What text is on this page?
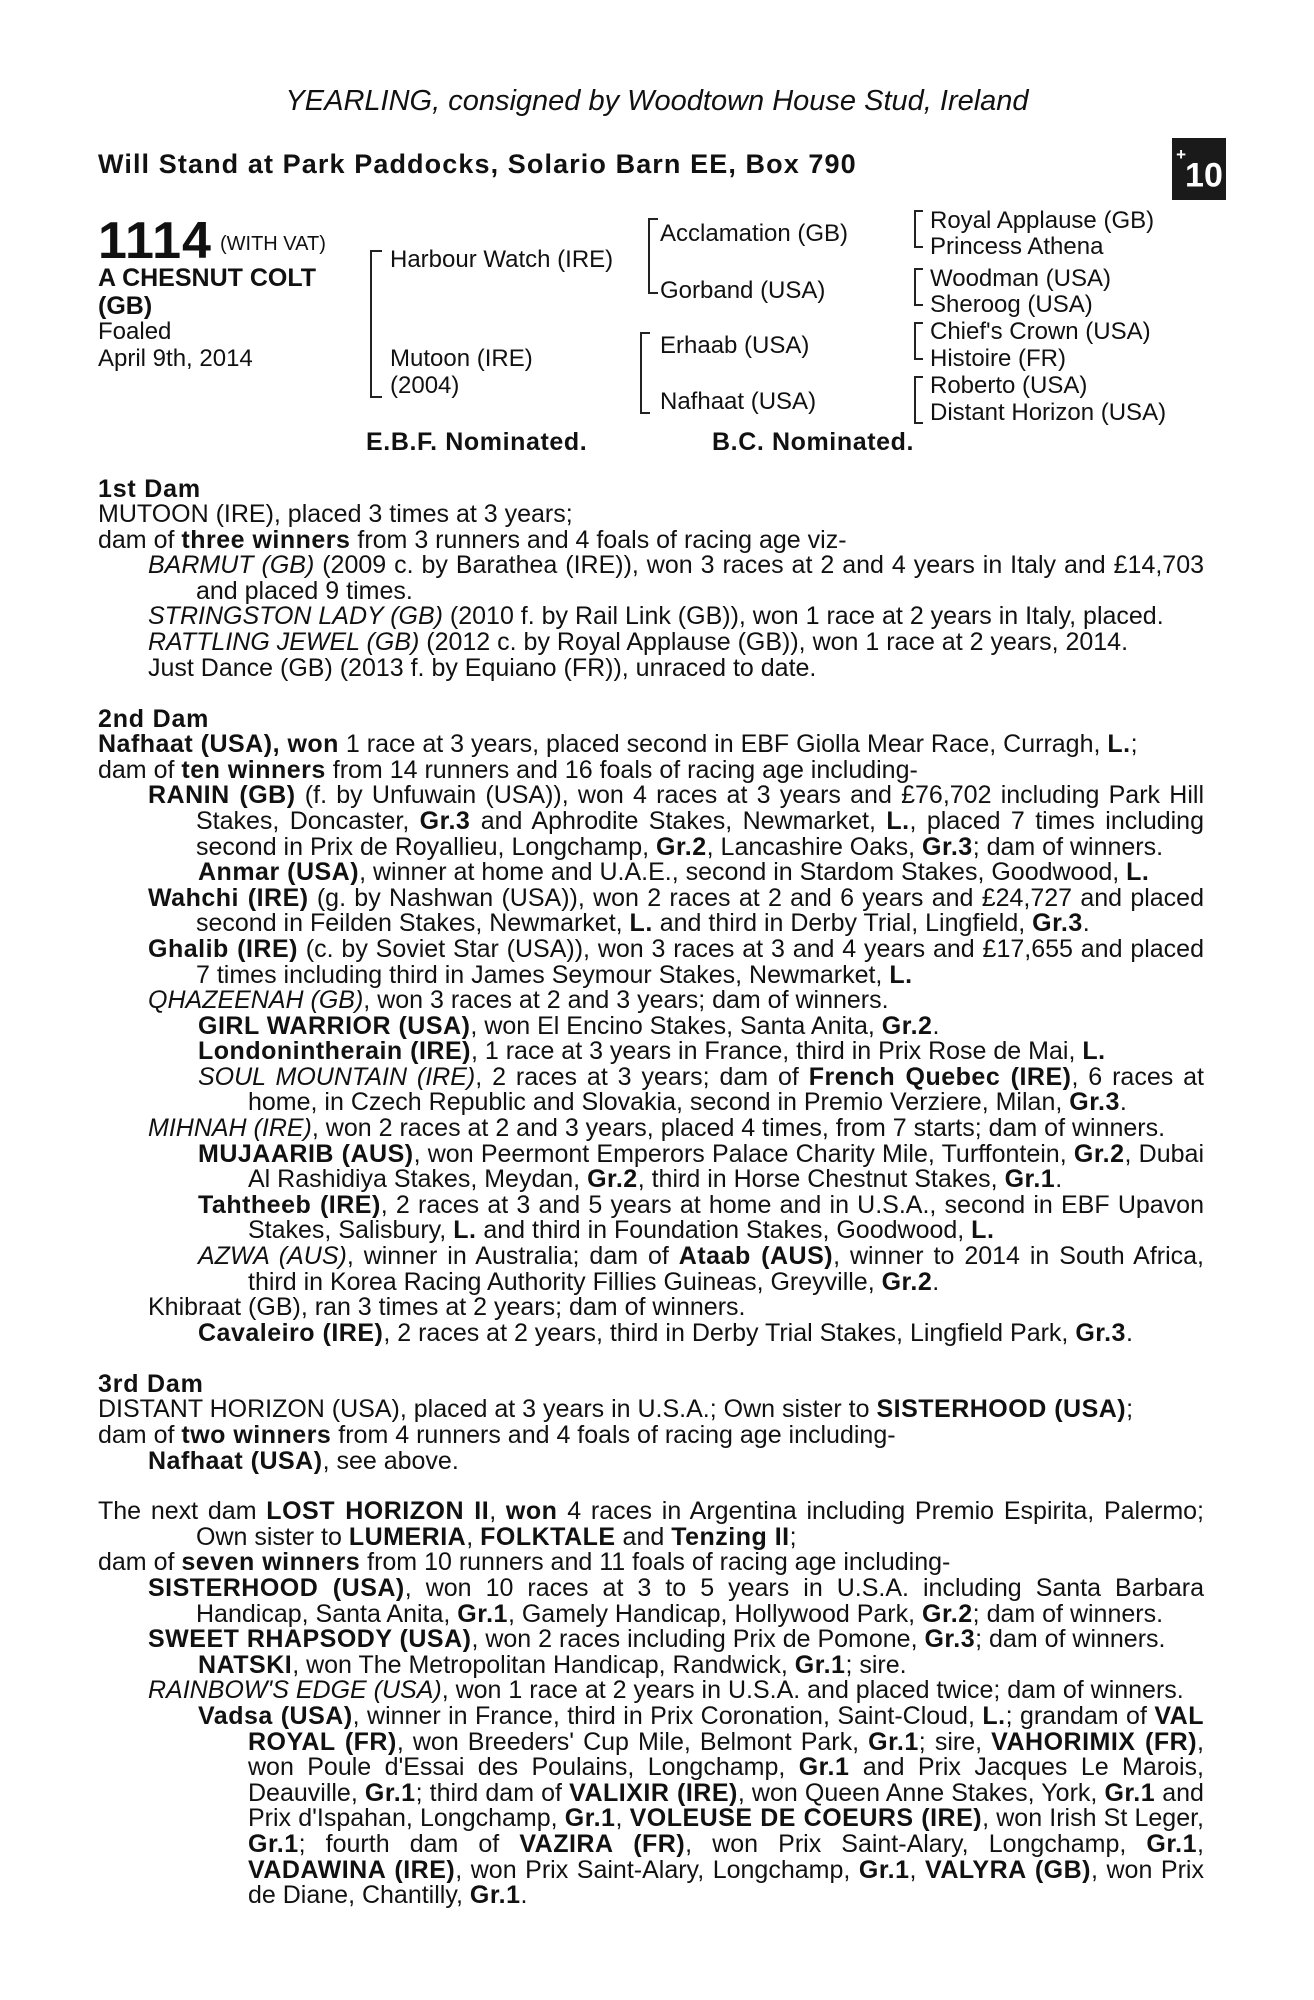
YEARLING, consigned by Woodtown House Stud, Ireland
Will Stand at Park Paddocks, Solario Barn EE, Box 790	+10
1114 (WITH VAT)
A CHESNUT COLT
(GB)
Foaled
April 9th, 2014
Harbour Watch (IRE)
Mutoon (IRE)
(2004)
Acclamation (GB)
Gorband (USA)
Erhaab (USA)
Nafhaat (USA)
Royal Applause (GB)
Princess Athena
Woodman (USA)
Sheroog (USA)
Chief's Crown (USA)
Histoire (FR)
Roberto (USA)
Distant Horizon (USA)
E.B.F. Nominated.	B.C. Nominated.
1st Dam
MUTOON (IRE), placed 3 times at 3 years;
dam of three winners from 3 runners and 4 foals of racing age viz-
BARMUT (GB) (2009 c. by Barathea (IRE)), won 3 races at 2 and 4 years in Italy and £14,703 and placed 9 times.
STRINGSTON LADY (GB) (2010 f. by Rail Link (GB)), won 1 race at 2 years in Italy, placed.
RATTLING JEWEL (GB) (2012 c. by Royal Applause (GB)), won 1 race at 2 years, 2014.
Just Dance (GB) (2013 f. by Equiano (FR)), unraced to date.
2nd Dam
Nafhaat (USA), won 1 race at 3 years, placed second in EBF Giolla Mear Race, Curragh, L.;
dam of ten winners from 14 runners and 16 foals of racing age including-
RANIN (GB) (f. by Unfuwain (USA)), won 4 races at 3 years and £76,702 including Park Hill Stakes, Doncaster, Gr.3 and Aphrodite Stakes, Newmarket, L., placed 7 times including second in Prix de Royallieu, Longchamp, Gr.2, Lancashire Oaks, Gr.3; dam of winners.
Anmar (USA), winner at home and U.A.E., second in Stardom Stakes, Goodwood, L.
Wahchi (IRE) (g. by Nashwan (USA)), won 2 races at 2 and 6 years and £24,727 and placed second in Feilden Stakes, Newmarket, L. and third in Derby Trial, Lingfield, Gr.3.
Ghalib (IRE) (c. by Soviet Star (USA)), won 3 races at 3 and 4 years and £17,655 and placed 7 times including third in James Seymour Stakes, Newmarket, L.
QHAZEENAH (GB), won 3 races at 2 and 3 years; dam of winners.
GIRL WARRIOR (USA), won El Encino Stakes, Santa Anita, Gr.2.
Londonintherain (IRE), 1 race at 3 years in France, third in Prix Rose de Mai, L.
SOUL MOUNTAIN (IRE), 2 races at 3 years; dam of French Quebec (IRE), 6 races at home, in Czech Republic and Slovakia, second in Premio Verziere, Milan, Gr.3.
MIHNAH (IRE), won 2 races at 2 and 3 years, placed 4 times, from 7 starts; dam of winners.
MUJAARIB (AUS), won Peermont Emperors Palace Charity Mile, Turffontein, Gr.2, Dubai Al Rashidiya Stakes, Meydan, Gr.2, third in Horse Chestnut Stakes, Gr.1.
Tahtheeb (IRE), 2 races at 3 and 5 years at home and in U.S.A., second in EBF Upavon Stakes, Salisbury, L. and third in Foundation Stakes, Goodwood, L.
AZWA (AUS), winner in Australia; dam of Ataab (AUS), winner to 2014 in South Africa, third in Korea Racing Authority Fillies Guineas, Greyville, Gr.2.
Khibraat (GB), ran 3 times at 2 years; dam of winners.
Cavaleiro (IRE), 2 races at 2 years, third in Derby Trial Stakes, Lingfield Park, Gr.3.
3rd Dam
DISTANT HORIZON (USA), placed at 3 years in U.S.A.; Own sister to SISTERHOOD (USA);
dam of two winners from 4 runners and 4 foals of racing age including-
Nafhaat (USA), see above.
The next dam LOST HORIZON II, won 4 races in Argentina including Premio Espirita, Palermo; Own sister to LUMERIA, FOLKTALE and Tenzing II;
dam of seven winners from 10 runners and 11 foals of racing age including-
SISTERHOOD (USA), won 10 races at 3 to 5 years in U.S.A. including Santa Barbara Handicap, Santa Anita, Gr.1, Gamely Handicap, Hollywood Park, Gr.2; dam of winners.
SWEET RHAPSODY (USA), won 2 races including Prix de Pomone, Gr.3; dam of winners.
NATSKI, won The Metropolitan Handicap, Randwick, Gr.1; sire.
RAINBOW'S EDGE (USA), won 1 race at 2 years in U.S.A. and placed twice; dam of winners.
Vadsa (USA), winner in France, third in Prix Coronation, Saint-Cloud, L.; grandam of VAL ROYAL (FR), won Breeders' Cup Mile, Belmont Park, Gr.1; sire, VAHORIMIX (FR), won Poule d'Essai des Poulains, Longchamp, Gr.1 and Prix Jacques Le Marois, Deauville, Gr.1; third dam of VALIXIR (IRE), won Queen Anne Stakes, York, Gr.1 and Prix d'Ispahan, Longchamp, Gr.1, VOLEUSE DE COEURS (IRE), won Irish St Leger, Gr.1; fourth dam of VAZIRA (FR), won Prix Saint-Alary, Longchamp, Gr.1, VADAWINA (IRE), won Prix Saint-Alary, Longchamp, Gr.1, VALYRA (GB), won Prix de Diane, Chantilly, Gr.1.
